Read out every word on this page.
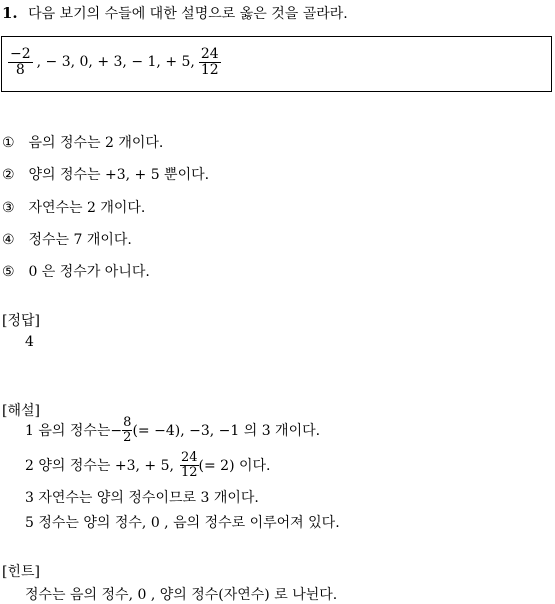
1. 다음 보기의 수들에 대한 설명으로 옳은 것을 골라라.
$\frac{-2}{8}$ , − 3, 0, + 3, − 1, + 5, $\frac{24}{12}$
① 음의 정수는 2 개이다.
② 양의 정수는 +3, + 5 뿐이다.
③ 자연수는 2 개이다.
④ 정수는 7 개이다.
⑤ 0 은 정수가 아니다.
[정답]
4
[해설]
1 음의 정수는− $\frac{8}{2}$ (= −4), −3, −1 의 3 개이다.
2 양의 정수는 +3, + 5, $\frac{24}{12}$ (= 2) 이다.
3 자연수는 양의 정수이므로 3 개이다.
5 정수는 양의 정수, 0 , 음의 정수로 이루어져 있다.
[힌트]
정수는 음의 정수, 0 , 양의 정수(자연수) 로 나뉜다.
